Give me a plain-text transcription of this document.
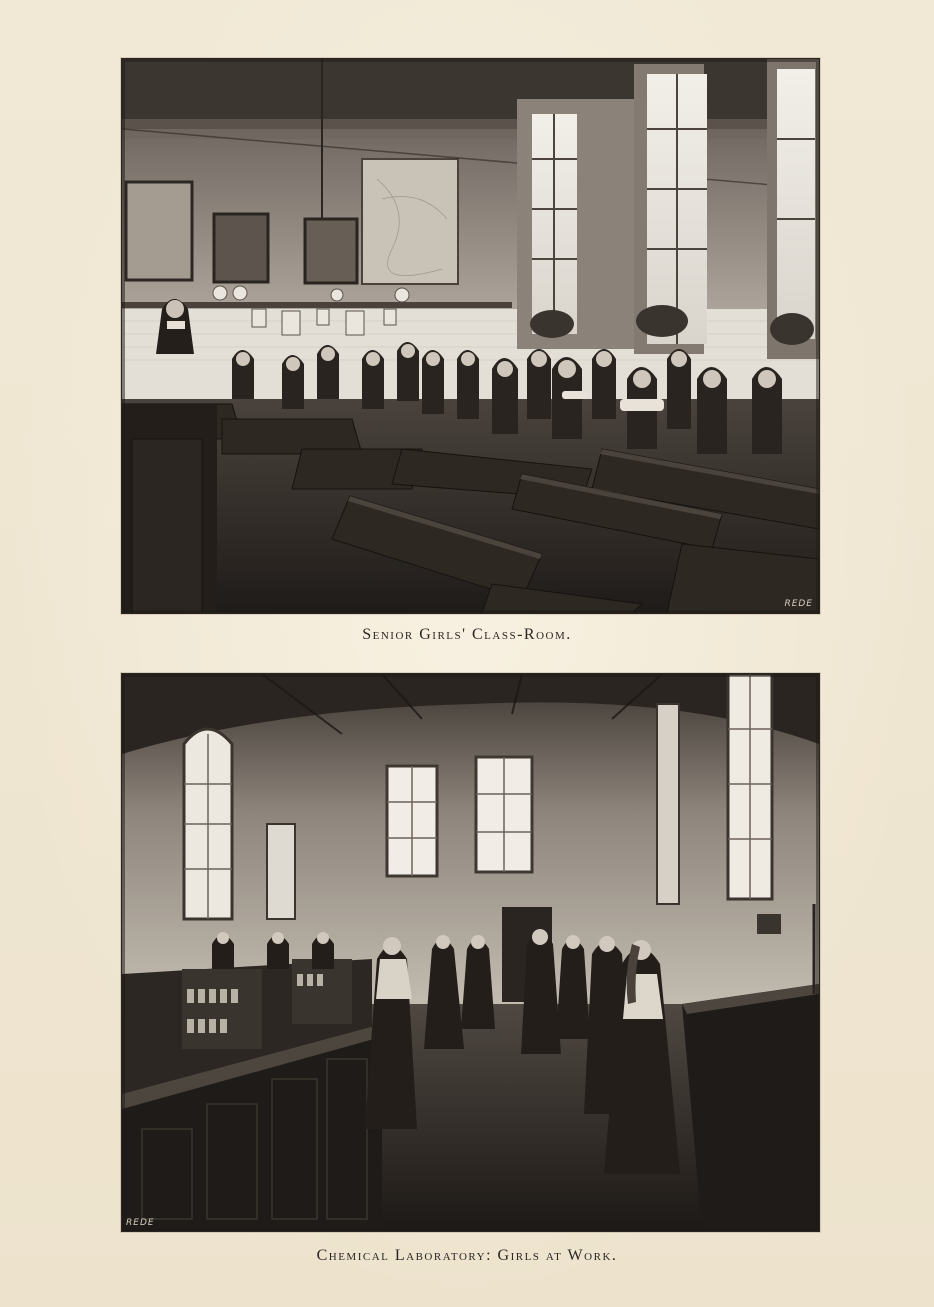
REDE
Senior Girls' Class-Room.
REDE
Chemical Laboratory: Girls at Work.
